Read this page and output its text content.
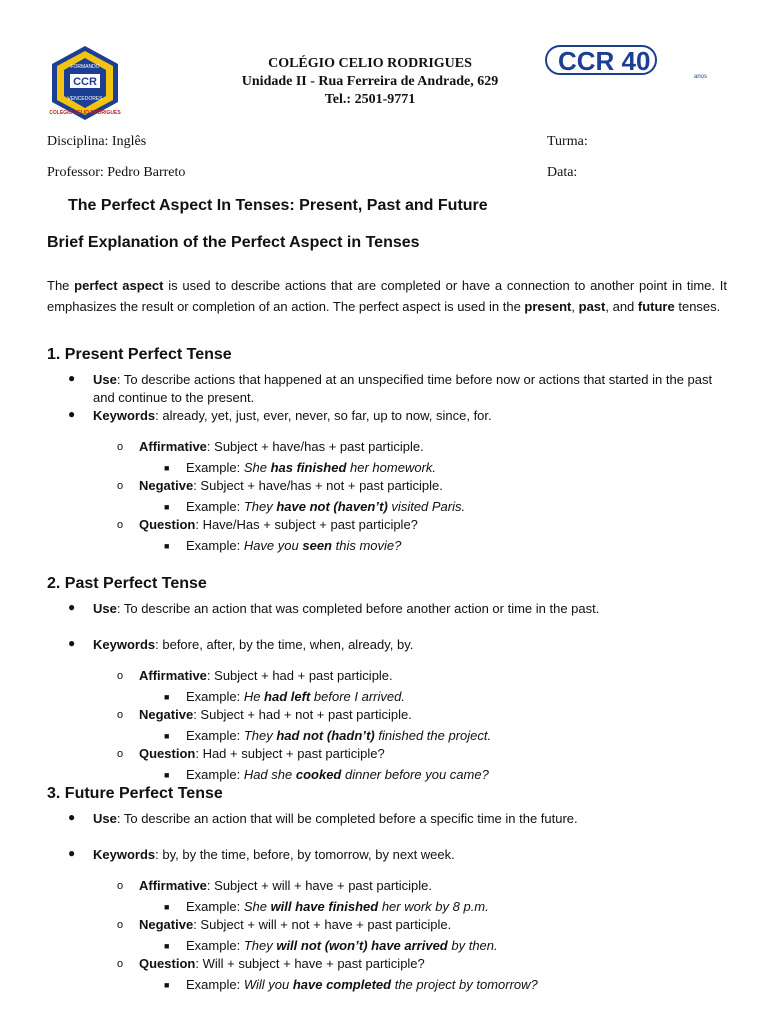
CCR
FORMANDO
VENCEDORES
COLÉGIO CELIO RODRIGUES
CCR 40
anos
COLÉGIO CELIO RODRIGUES
Unidade II - Rua Ferreira de Andrade, 629
Tel.: 2501-9771
Disciplina: Inglês	Turma:
Professor: Pedro Barreto	Data:
The Perfect Aspect In Tenses: Present, Past and Future
Brief Explanation of the Perfect Aspect in Tenses
The perfect aspect is used to describe actions that are completed or have a connection to another point in time. It emphasizes the result or completion of an action. The perfect aspect is used in the present, past, and future tenses.
1. Present Perfect Tense
● Use: To describe actions that happened at an unspecified time before now or actions that started in the past and continue to the present.
● Keywords: already, yet, just, ever, never, so far, up to now, since, for.
o Affirmative: Subject + have/has + past participle.
■ Example: She has finished her homework.
o Negative: Subject + have/has + not + past participle.
■ Example: They have not (haven’t) visited Paris.
o Question: Have/Has + subject + past participle?
■ Example: Have you seen this movie?
2. Past Perfect Tense
● Use: To describe an action that was completed before another action or time in the past.
● Keywords: before, after, by the time, when, already, by.
o Affirmative: Subject + had + past participle.
■ Example: He had left before I arrived.
o Negative: Subject + had + not + past participle.
■ Example: They had not (hadn’t) finished the project.
o Question: Had + subject + past participle?
■ Example: Had she cooked dinner before you came?
3. Future Perfect Tense
● Use: To describe an action that will be completed before a specific time in the future.
● Keywords: by, by the time, before, by tomorrow, by next week.
o Affirmative: Subject + will + have + past participle.
■ Example: She will have finished her work by 8 p.m.
o Negative: Subject + will + not + have + past participle.
■ Example: They will not (won’t) have arrived by then.
o Question: Will + subject + have + past participle?
■ Example: Will you have completed the project by tomorrow?
